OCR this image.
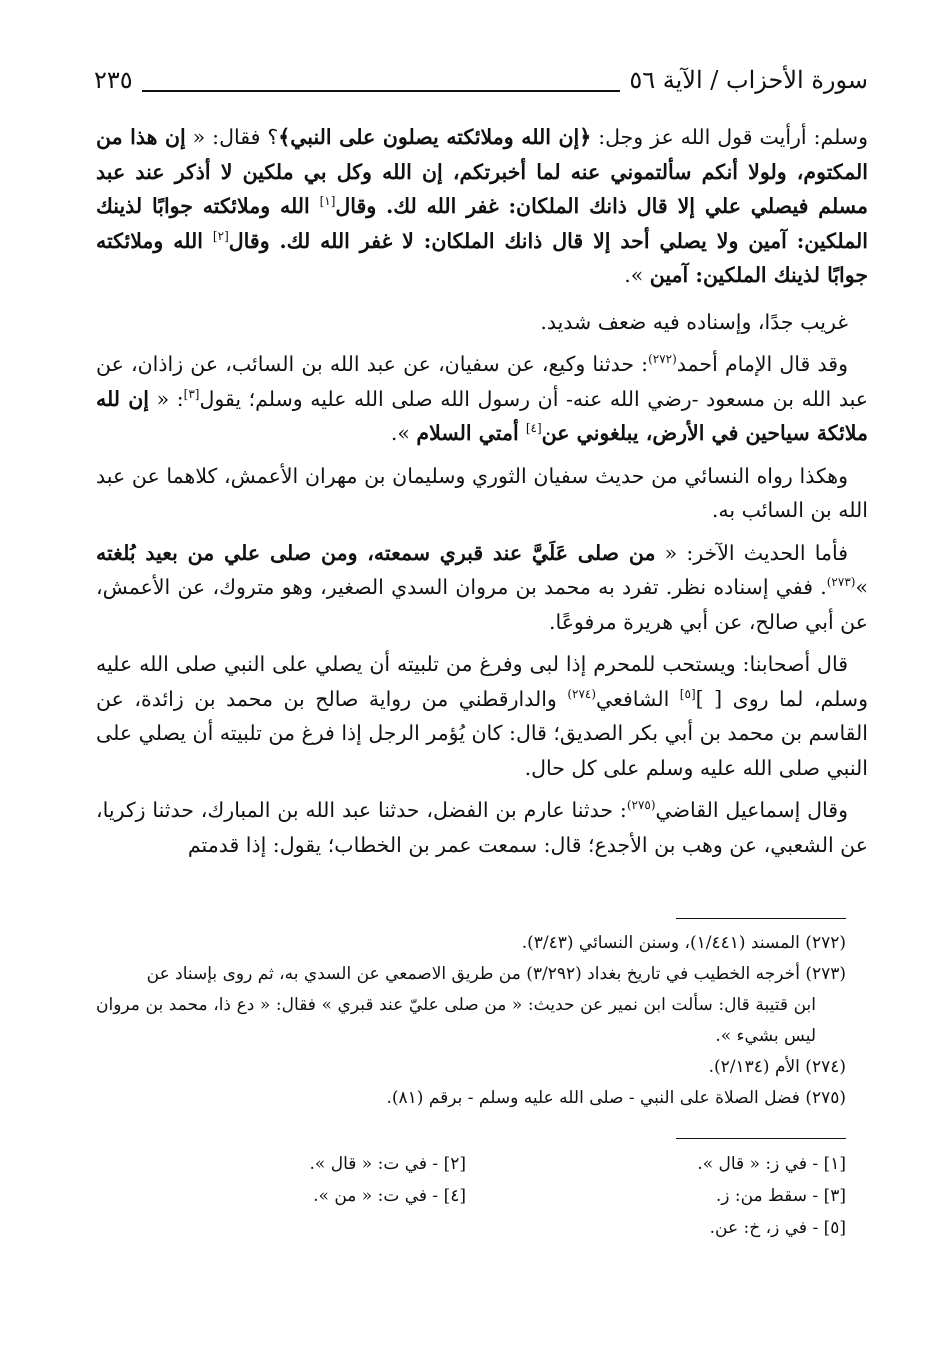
٢٣٥	سورة الأحزاب / الآية ٥٦

وسلم: أرأيت قول الله عز وجل: ﴿إن الله وملائكته يصلون على النبي﴾؟ فقال: « إن هذا من المكتوم، ولولا أنكم سألتموني عنه لما أخبرتكم، إن الله وكل بي ملكين لا أذكر عند عبد مسلم فيصلي علي إلا قال ذانك الملكان: غفر الله لك. وقال[١] الله وملائكته جوابًا لذينك الملكين: آمين ولا يصلي أحد إلا قال ذانك الملكان: لا غفر الله لك. وقال[٢] الله وملائكته جوابًا لذينك الملكين: آمين ».

غريب جدًا، وإسناده فيه ضعف شديد.

وقد قال الإمام أحمد$^{(٢٧٢)}$: حدثنا وكيع، عن سفيان، عن عبد الله بن السائب، عن زاذان، عن عبد الله بن مسعود -رضي الله عنه- أن رسول الله صلى الله عليه وسلم؛ يقول[٣]: « إن لله ملائكة سياحين في الأرض، يبلغوني عن[٤] أمتي السلام ».

وهكذا رواه النسائي من حديث سفيان الثوري وسليمان بن مهران الأعمش، كلاهما عن عبد الله بن السائب به.

فأما الحديث الآخر: « من صلى عَلَيَّ عند قبري سمعته، ومن صلى علي من بعيد بُلغته »$^{(٢٧٣)}$. ففي إسناده نظر. تفرد به محمد بن مروان السدي الصغير، وهو متروك، عن الأعمش، عن أبي صالح، عن أبي هريرة مرفوعًا.

قال أصحابنا: ويستحب للمحرم إذا لبى وفرغ من تلبيته أن يصلي على النبي صلى الله عليه وسلم، لما روى [ ][٥] الشافعي$^{(٢٧٤)}$ والدارقطني من رواية صالح بن محمد بن زائدة، عن القاسم بن محمد بن أبي بكر الصديق؛ قال: كان يُؤمر الرجل إذا فرغ من تلبيته أن يصلي على النبي صلى الله عليه وسلم على كل حال.

وقال إسماعيل القاضي$^{(٢٧٥)}$: حدثنا عارم بن الفضل، حدثنا عبد الله بن المبارك، حدثنا زكريا، عن الشعبي، عن وهب بن الأجدع؛ قال: سمعت عمر بن الخطاب؛ يقول: إذا قدمتم

(٢٧٢) المسند (١/٤٤١)، وسنن النسائي (٣/٤٣).

(٢٧٣) أخرجه الخطيب في تاريخ بغداد (٣/٢٩٢) من طريق الاصمعي عن السدي به، ثم روى بإسناد عن

ابن قتيبة قال: سألت ابن نمير عن حديث: « من صلى عليّ عند قبري » فقال: « دع ذا، محمد بن مروان ليس بشيء ».

(٢٧٤) الأم (٢/١٣٤).

(٢٧٥) فضل الصلاة على النبي - صلى الله عليه وسلم - برقم (٨١).

[١] - في ز: « قال ».
[٣] - سقط من: ز.
[٥] - في ز، خ: عن.
[٢] - في ت: « قال ».
[٤] - في ت: « من ».
